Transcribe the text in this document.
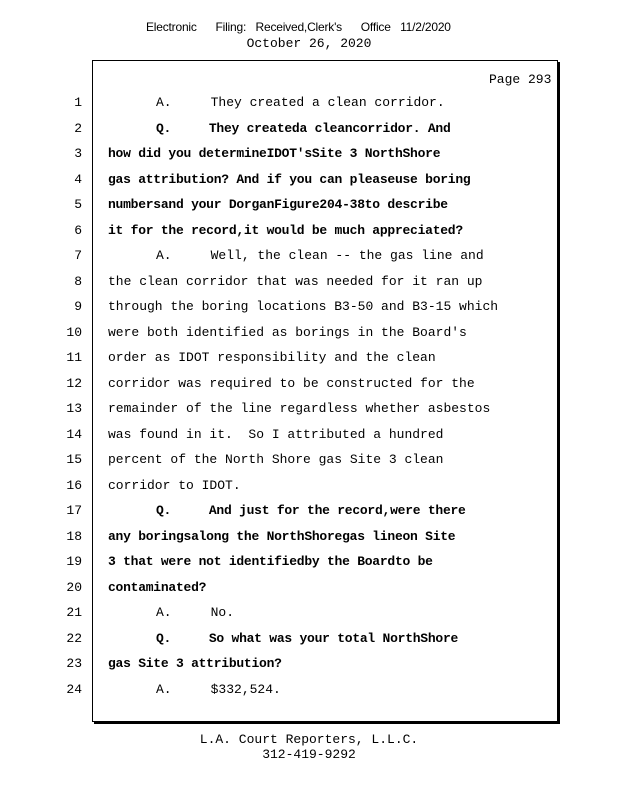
Electronic      Filing:   Received,Clerk's      Office   11/2/2020
October 26, 2020
Page 293
1	A.     They created a clean corridor.
2	Q.     They createda cleancorridor. And
3 how did you determineIDOT'sSite 3 NorthShore
4 gas attribution? And if you can pleaseuse boring
5 numbersand your DorganFigure204-38to describe
6 it for the record,it would be much appreciated?
7	A.     Well, the clean -- the gas line and
8 the clean corridor that was needed for it ran up
9 through the boring locations B3-50 and B3-15 which
10 were both identified as borings in the Board's
11 order as IDOT responsibility and the clean
12 corridor was required to be constructed for the
13 remainder of the line regardless whether asbestos
14 was found in it.  So I attributed a hundred
15 percent of the North Shore gas Site 3 clean
16 corridor to IDOT.
17	Q.     And just for the record,were there
18 any boringsalong the NorthShoregas lineon Site
19 3 that were not identifiedby the Boardto be
20 contaminated?
21	A.     No.
22	Q.     So what was your total NorthShore
23 gas Site 3 attribution?
24	A.     $332,524.
L.A. Court Reporters, L.L.C.
312-419-9292
